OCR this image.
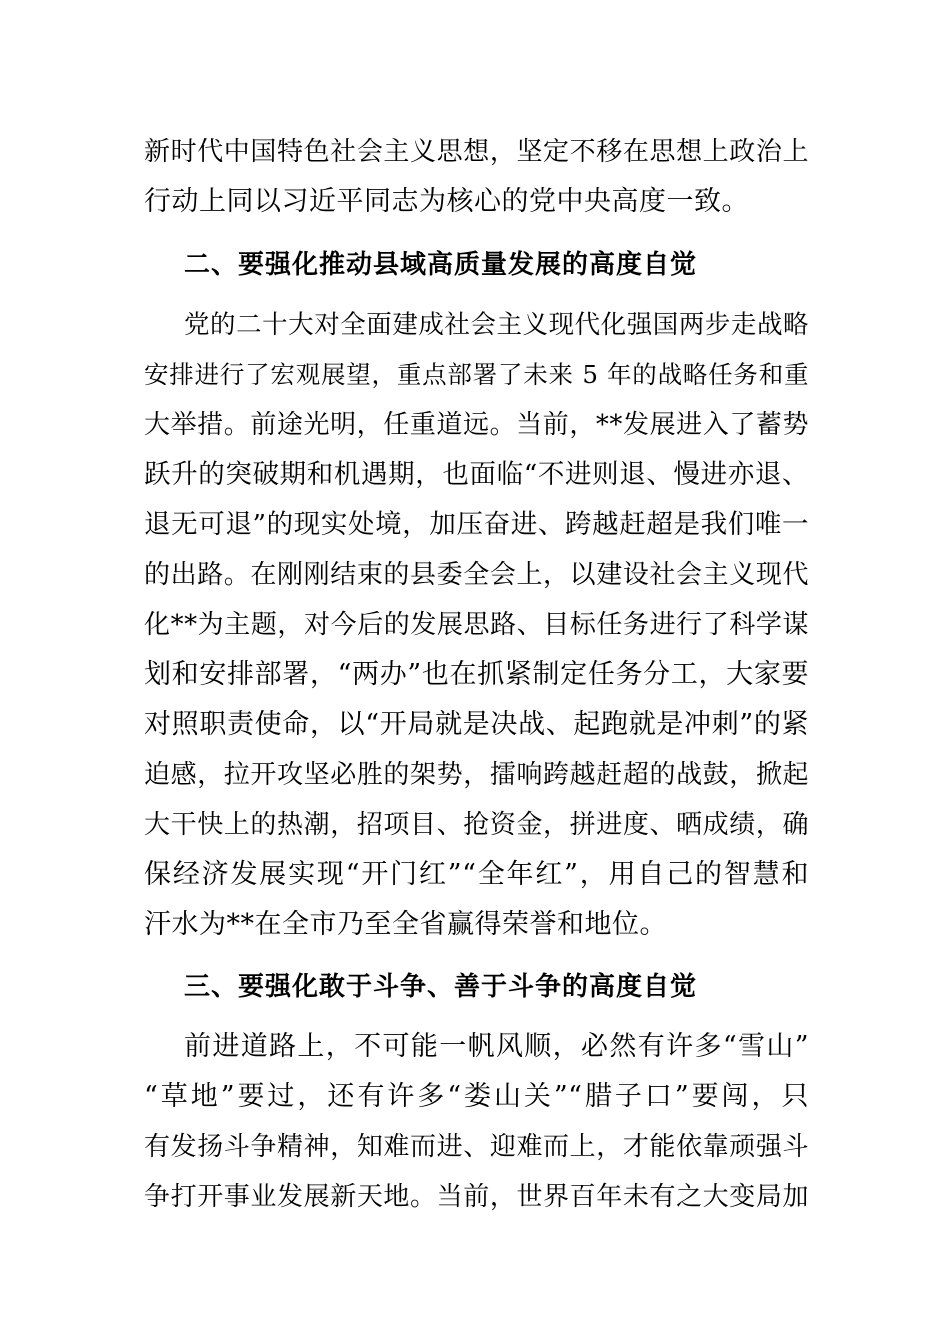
新时代中国特色社会主义思想，坚定不移在思想上政治上
行动上同以习近平同志为核心的党中央高度一致。
二、要强化推动县域高质量发展的高度自觉
党的二十大对全面建成社会主义现代化强国两步走战略
安排进行了宏观展望，重点部署了未来 5 年的战略任务和重
大举措。前途光明，任重道远。当前，**发展进入了蓄势
跃升的突破期和机遇期，也面临“不进则退、慢进亦退、
退无可退”的现实处境，加压奋进、跨越赶超是我们唯一
的出路。在刚刚结束的县委全会上，以建设社会主义现代
化**为主题，对今后的发展思路、目标任务进行了科学谋
划和安排部署，“两办”也在抓紧制定任务分工，大家要
对照职责使命，以“开局就是决战、起跑就是冲刺”的紧
迫感，拉开攻坚必胜的架势，擂响跨越赶超的战鼓，掀起
大干快上的热潮，招项目、抢资金，拼进度、晒成绩，确
保经济发展实现“开门红”“全年红”，用自己的智慧和
汗水为**在全市乃至全省赢得荣誉和地位。
三、要强化敢于斗争、善于斗争的高度自觉
前进道路上，不可能一帆风顺，必然有许多“雪山”
“草地”要过，还有许多“娄山关”“腊子口”要闯，只
有发扬斗争精神，知难而进、迎难而上，才能依靠顽强斗
争打开事业发展新天地。当前，世界百年未有之大变局加
